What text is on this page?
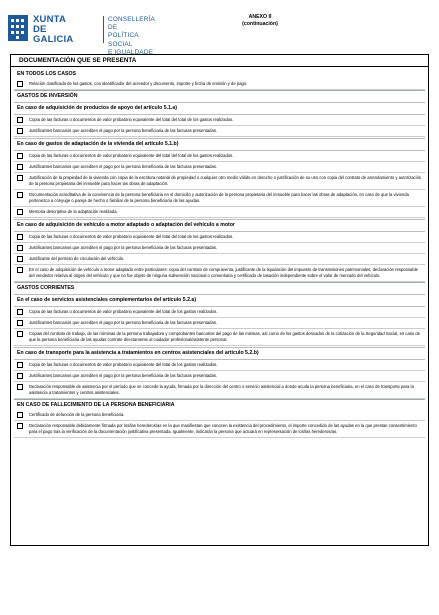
XUNTA
DE GALICIA
CONSELLERÍA DE
POLÍTICA SOCIAL
E IGUALDADE
ANEXO II
(continuación)
DOCUMENTACIÓN QUE SE PRESENTA
EN TODOS LOS CASOS
Relación clasificada de los gastos, con identificador del acreedor y documento, importe y fecha de emisión y de pago.
GASTOS DE INVERSIÓN
En caso de adquisición de productos de apoyo del artículo 5.1.a)
Copia de las facturas o documentos de valor probatorio equivalente del total del total de los gastos realizados.
Justificantes bancarios que acrediten el pago por la persona beneficiaria de las facturas presentadas.
En caso de gastos de adaptación de la vivienda del artículo 5.1.b)
Copia de las facturas o documentos de valor probatorio equivalente del total del total de los gastos realizados.
Justificantes bancarios que acrediten el pago por la persona beneficiaria de las facturas presentadas.
Justificación de la propiedad de la vivienda con copia de la escritura notarial de propiedad o cualquier otro medio válido en derecho o justificación de su uso con copia del contrato de arrendamiento y autorización de la persona propietaria del inmueble para hacer las obras de adaptación.
Documentación acreditativa de la convivencia de la persona beneficiaria en el domicilio y autorización de la persona propietaria del inmueble para hacer las obras de adaptación, en caso de que la vivienda pertenezca a cónyuge o pareja de hecho o familiar de la persona beneficiaria de las ayudas.
Memoria descriptiva de la adaptación realizada.
En caso de adquisición de vehículo a motor adaptado o adaptación del vehículo a motor
Copia de las facturas o documentos de valor probatorio equivalente del total del total de los gastos realizados.
Justificantes bancarios que acrediten el pago por la persona beneficiaria de las facturas presentadas.
Justificante del permiso de circulación del vehículo.
En el caso de adquisición de vehículo a motor adaptado entre particulares: copia del contrato de compraventa, justificante de la liquidación del impuesto de transmisiones patrimoniales, declaración responsable del vendedor relativa al origen del vehículo y que no fue objeto de ninguna subvención nacional o comunitaria y certificado de tasación independiente sobre el valor de mercado del vehículo.
GASTOS CORRIENTES
En el caso de servicios asistenciales complementarios del artículo 5.2.a)
Copia de las facturas o documentos de valor probatorio equivalente del total de los gastos realizados.
Justificantes bancarios que acrediten el pago por la persona beneficiaria de las facturas presentadas.
Copias del contrato de trabajo, de las nóminas de la persona trabajadora y comprobantes bancarios del pago de las mismas, así como de los gastos derivados de la cotización de la Seguridad Social, en caso de que la persona beneficiaria de las ayudas contrate directamente al cuidador profesional/asistente personal.
En caso de transporte para la asistencia a tratamientos en centros asistenciales del artículo 5.2.b)
Copia de las facturas o documentos de valor probatorio equivalente del total de los gastos realizados.
Justificantes bancarios que acrediten el pago por la persona beneficiaria de las facturas presentadas.
Declaración responsable de asistencia por el período que se concede la ayuda, firmada por la dirección del centro o servicio asistencial a donde acuda la persona beneficiaria, en el caso de transporte para la asistencia a tratamientos y centros asistenciales.
EN CASO DE FALLECIMIENTO DE LA PERSONA BENEFICIARIA
Certificado de defunción de la persona beneficiaria.
Declaración responsable debidamente firmada por los/las herederos/as en la que manifiestan que conocen la existencia del procedimiento, el importe concedido de las ayudas en la que prestan consentimiento para el pago tras la verificación de la documentación justificativa presentada. Igualmente, indicarán la persona que actuará en representación de los/las herederos/as.
